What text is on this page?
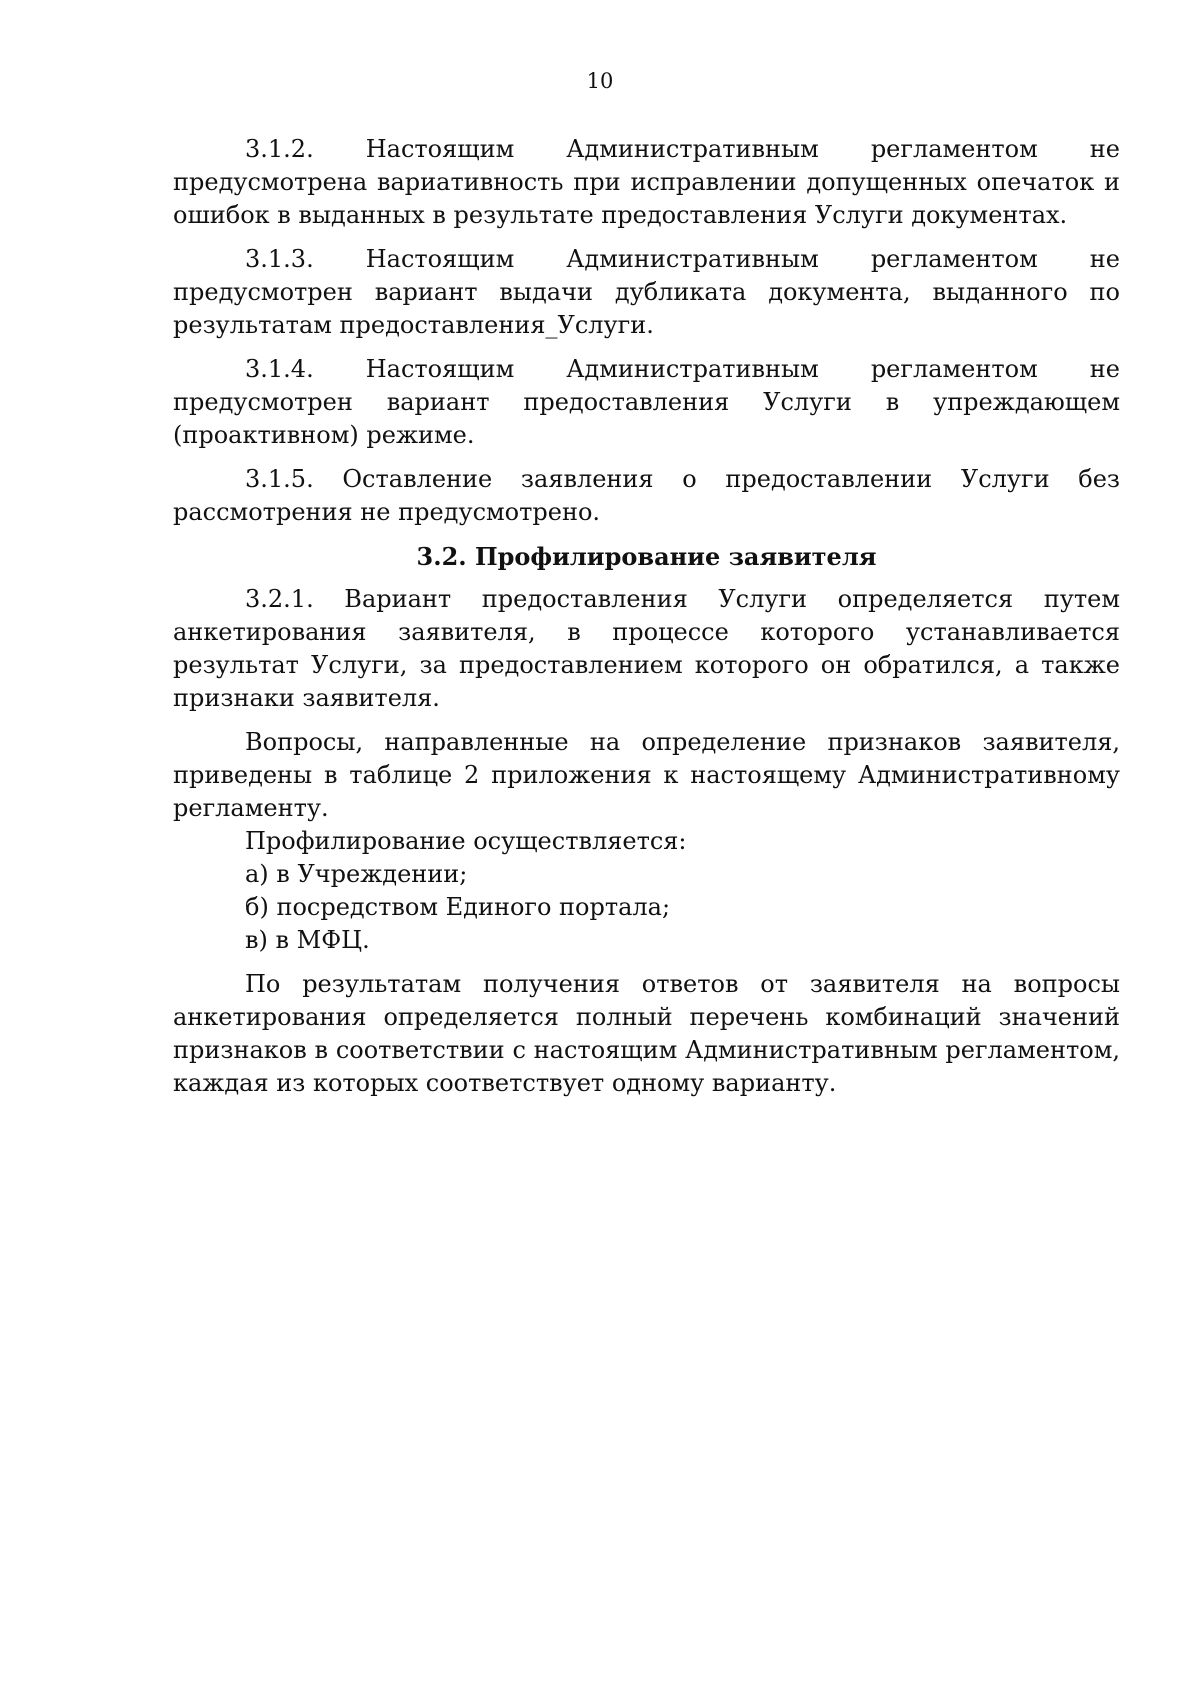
10

3.1.2. Настоящим Административным регламентом не предусмотрена вариативность при исправлении допущенных опечаток и ошибок в выданных в результате предоставления Услуги документах.

3.1.3. Настоящим Административным регламентом не предусмотрен вариант выдачи дубликата документа, выданного по результатам предоставления_Услуги.

3.1.4. Настоящим Административным регламентом не предусмотрен вариант предоставления Услуги в упреждающем (проактивном) режиме.

3.1.5. Оставление заявления о предоставлении Услуги без рассмотрения не предусмотрено.

3.2. Профилирование заявителя

3.2.1. Вариант предоставления Услуги определяется путем анкетирования заявителя, в процессе которого устанавливается результат Услуги, за предоставлением которого он обратился, а также признаки заявителя.

Вопросы, направленные на определение признаков заявителя, приведены в таблице 2 приложения к настоящему Административному регламенту.

Профилирование осуществляется:

а) в Учреждении;
б) посредством Единого портала;
в) в МФЦ.

По результатам получения ответов от заявителя на вопросы анкетирования определяется полный перечень комбинаций значений признаков в соответствии с настоящим Административным регламентом, каждая из которых соответствует одному варианту.
